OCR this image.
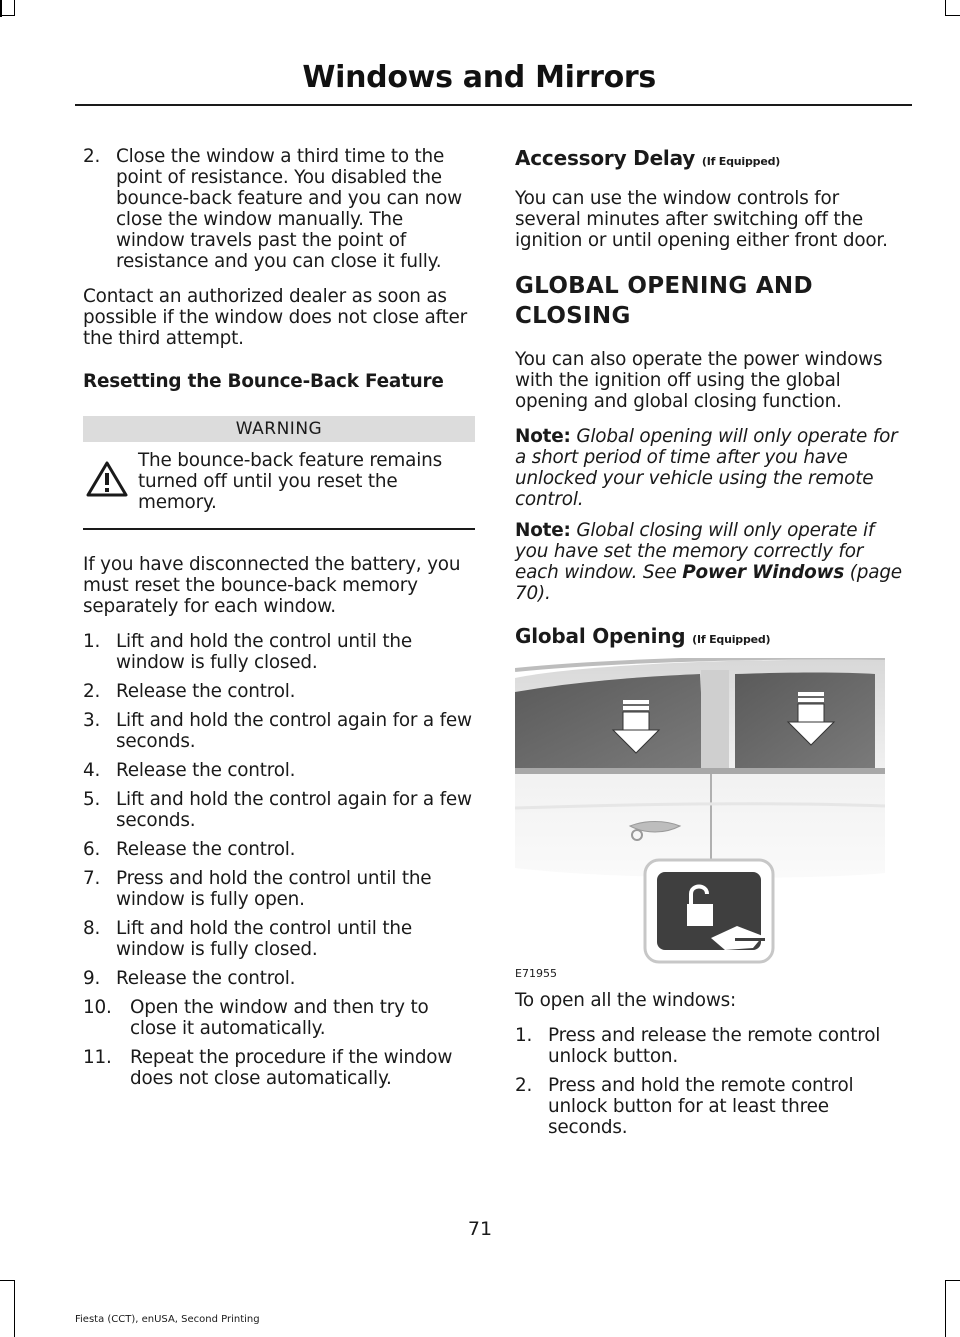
Windows and Mirrors
2. Close the window a third time to the point of resistance. You disabled the bounce-back feature and you can now close the window manually. The window travels past the point of resistance and you can close it fully.

Contact an authorized dealer as soon as possible if the window does not close after the third attempt.

Resetting the Bounce-Back Feature
WARNING
The bounce-back feature remains turned off until you reset the memory.

If you have disconnected the battery, you must reset the bounce-back memory separately for each window.

1. Lift and hold the control until the window is fully closed.
2. Release the control.
3. Lift and hold the control again for a few seconds.
4. Release the control.
5. Lift and hold the control again for a few seconds.
6. Release the control.
7. Press and hold the control until the window is fully open.
8. Lift and hold the control until the window is fully closed.
9. Release the control.
10. Open the window and then try to close it automatically.
11. Repeat the procedure if the window does not close automatically.
Accessory Delay (If Equipped)

You can use the window controls for several minutes after switching off the ignition or until opening either front door.

GLOBAL OPENING AND
CLOSING

You can also operate the power windows with the ignition off using the global opening and global closing function.

Note: Global opening will only operate for a short period of time after you have unlocked your vehicle using the remote control.

Note: Global closing will only operate if you have set the memory correctly for each window. See Power Windows (page 70).

Global Opening (If Equipped)
E71955

To open all the windows:

1. Press and release the remote control unlock button.
2. Press and hold the remote control unlock button for at least three seconds.
71
Fiesta (CCT), enUSA, Second Printing
